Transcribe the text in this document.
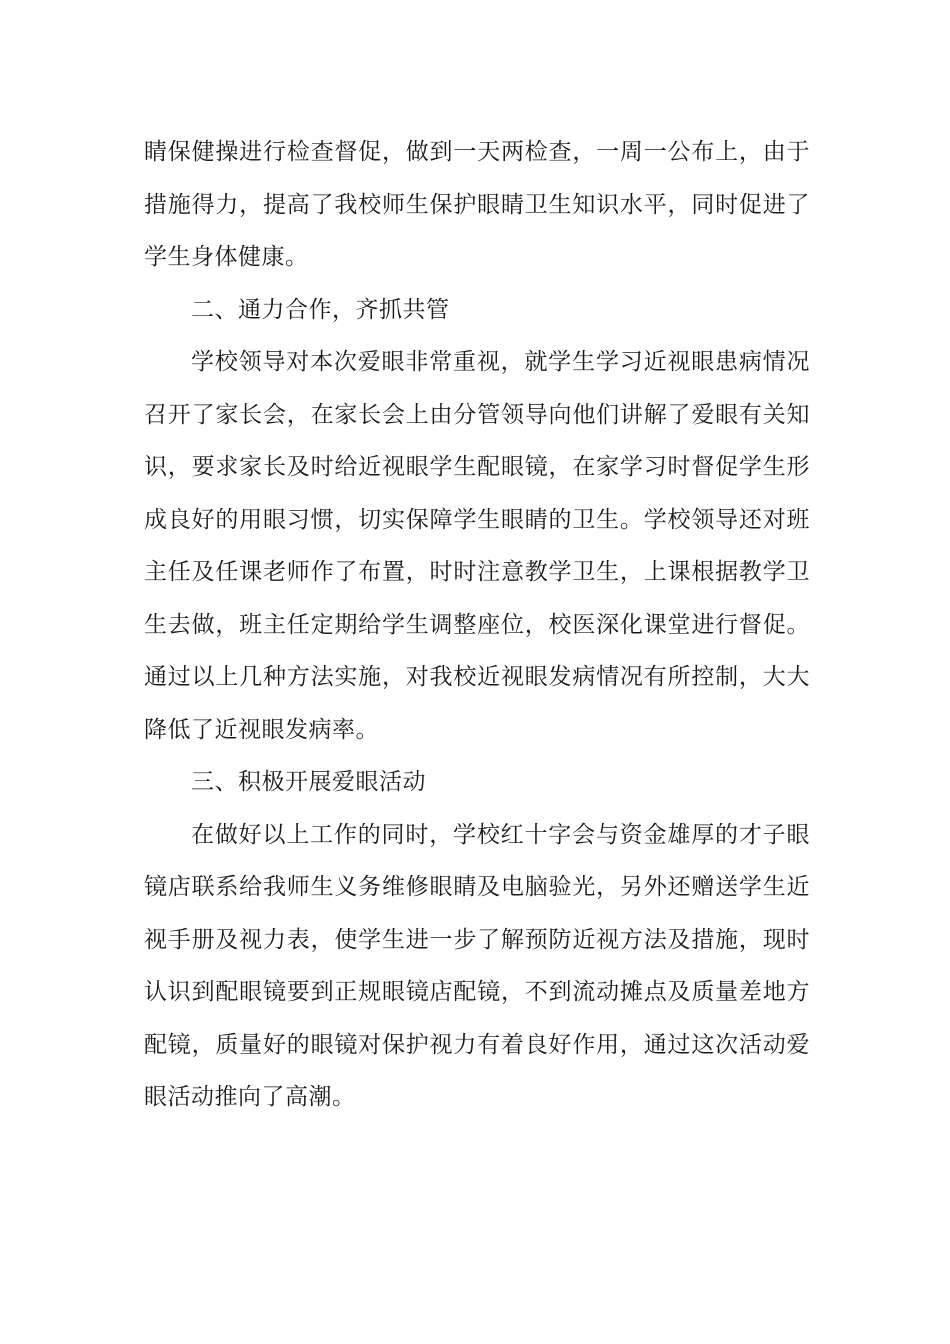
睛保健操进行检查督促，做到一天两检查，一周一公布上，由于措施得力，提高了我校师生保护眼睛卫生知识水平，同时促进了学生身体健康。

二、通力合作，齐抓共管

学校领导对本次爱眼非常重视，就学生学习近视眼患病情况召开了家长会，在家长会上由分管领导向他们讲解了爱眼有关知识，要求家长及时给近视眼学生配眼镜，在家学习时督促学生形成良好的用眼习惯，切实保障学生眼睛的卫生。学校领导还对班主任及任课老师作了布置，时时注意教学卫生，上课根据教学卫生去做，班主任定期给学生调整座位，校医深化课堂进行督促。通过以上几种方法实施，对我校近视眼发病情况有所控制，大大降低了近视眼发病率。

三、积极开展爱眼活动

在做好以上工作的同时，学校红十字会与资金雄厚的才子眼镜店联系给我师生义务维修眼睛及电脑验光，另外还赠送学生近视手册及视力表，使学生进一步了解预防近视方法及措施，现时认识到配眼镜要到正规眼镜店配镜，不到流动摊点及质量差地方配镜，质量好的眼镜对保护视力有着良好作用，通过这次活动爱眼活动推向了高潮。
